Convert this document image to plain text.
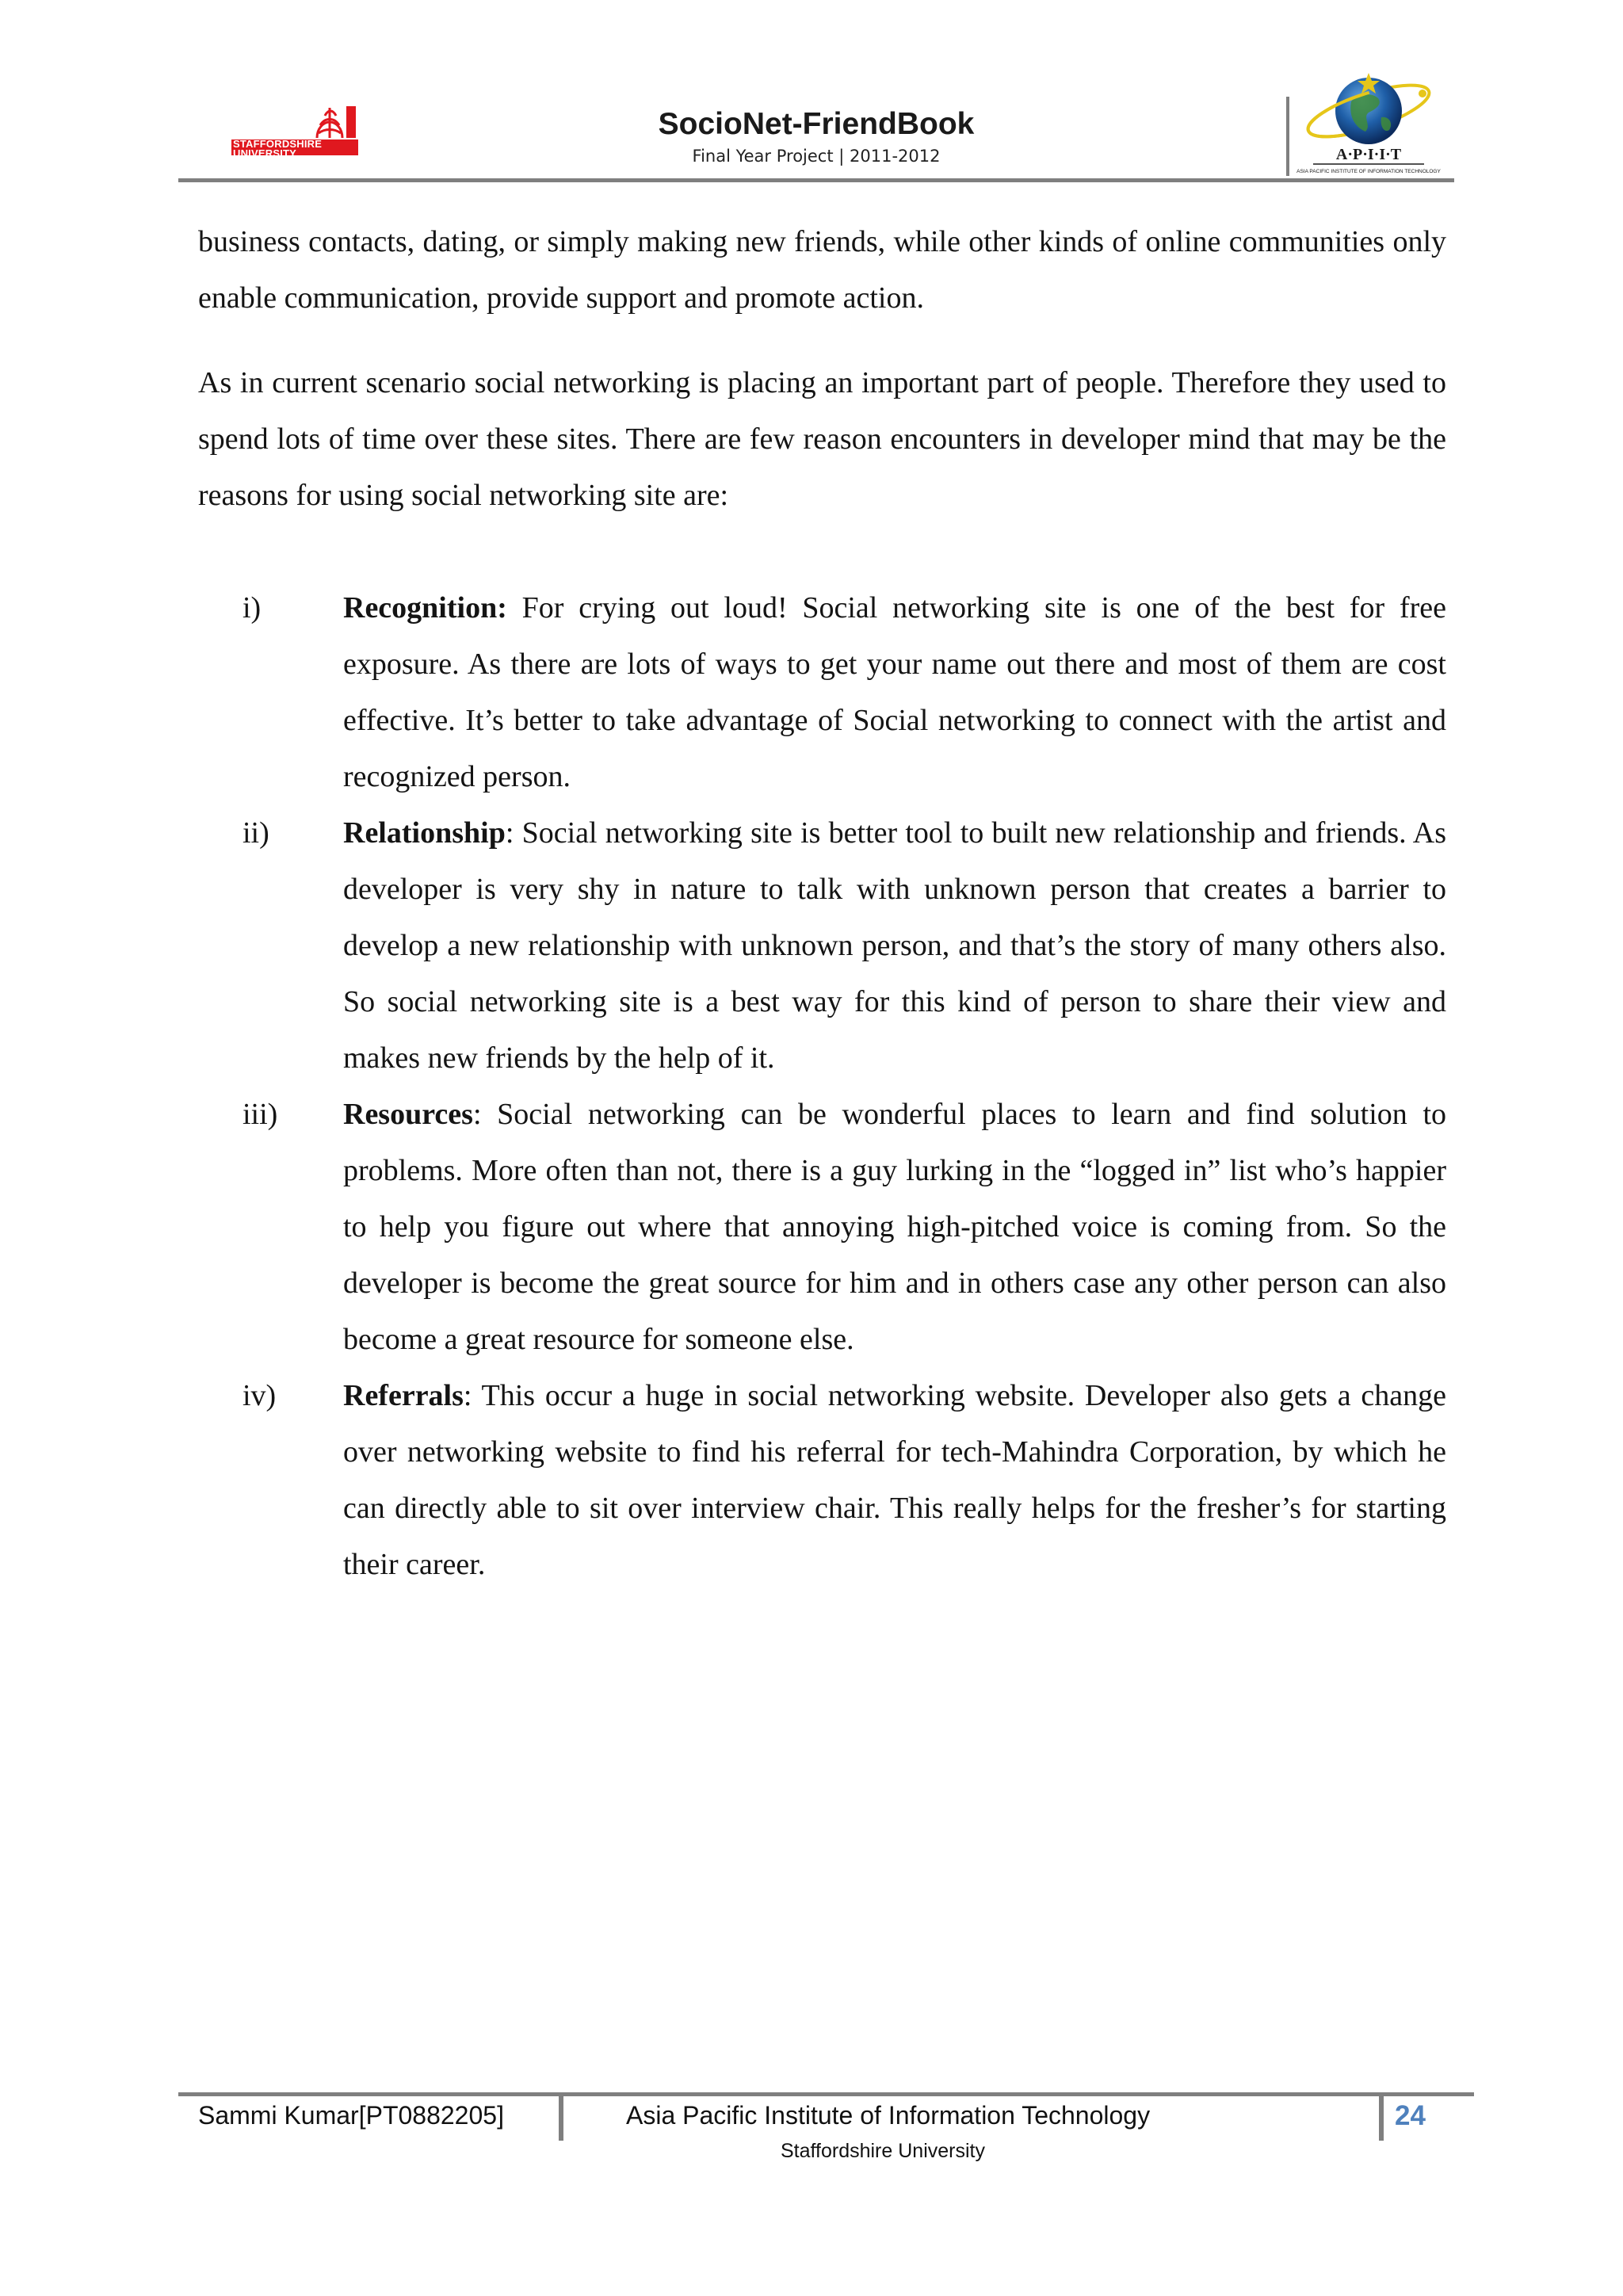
STAFFORDSHIRE
UNIVERSITY
SocioNet-FriendBook
Final Year Project | 2011-2012	A·P·I·I·T
ASIA PACIFIC INSTITUTE OF INFORMATION TECHNOLOGY

business contacts, dating, or simply making new friends, while other kinds of online communities only enable communication, provide support and promote action.

As in current scenario social networking is placing an important part of people. Therefore they used to spend lots of time over these sites. There are few reason encounters in developer mind that may be the reasons for using social networking site are:

i)	Recognition: For crying out loud! Social networking site is one of the best for free exposure. As there are lots of ways to get your name out there and most of them are cost effective. It’s better to take advantage of Social networking to connect with the artist and recognized person.
ii) Relationship: Social networking site is better tool to built new relationship and friends. As developer is very shy in nature to talk with unknown person that creates a barrier to develop a new relationship with unknown person, and that’s the story of many others also. So social networking site is a best way for this kind of person to share their view and makes new friends by the help of it.
iii) Resources: Social networking can be wonderful places to learn and find solution to problems. More often than not, there is a guy lurking in the “logged in” list who’s happier to help you figure out where that annoying high-pitched voice is coming from. So the developer is become the great source for him and in others case any other person can also become a great resource for someone else.
iv) Referrals: This occur a huge in social networking website. Developer also gets a change over networking website to find his referral for tech-Mahindra Corporation, by which he can directly able to sit over interview chair. This really helps for the fresher’s for starting their career.
Sammi Kumar[PT0882205]	Asia Pacific Institute of Information Technology
Staffordshire University
24
